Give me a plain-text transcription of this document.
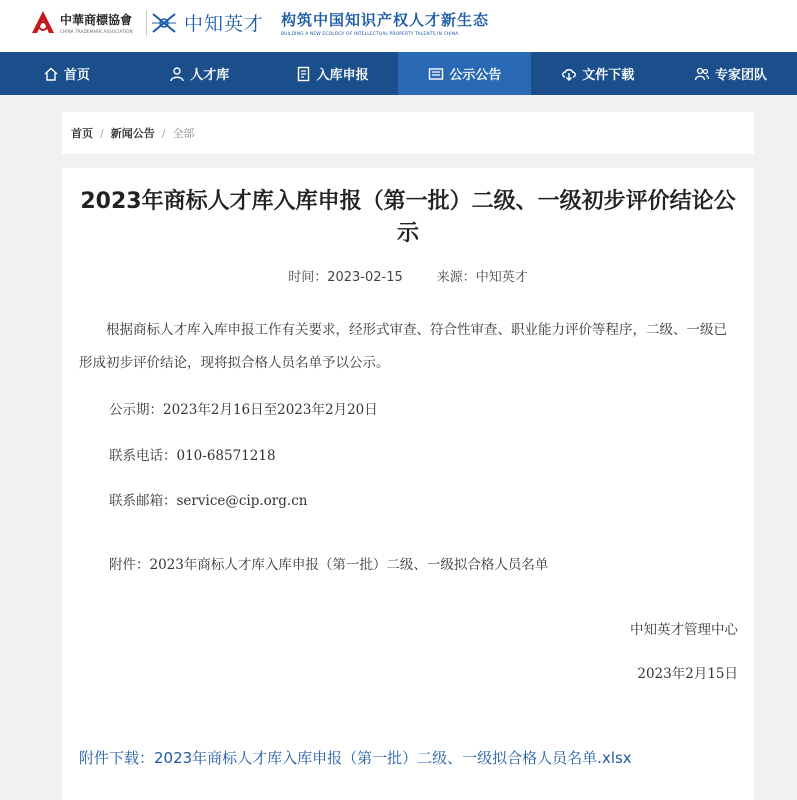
中華商標協會
CHINA TRADEMARK ASSOCIATION	中知英才 构筑中国知识产权人才新生态
BUILDING A NEW ECOLOGY OF INTELLECTUAL PROPERTY TALENTS IN CHINA
首页	人才库	入库申报	公示公告	文件下载	专家团队
首页 / 新闻公告 / 全部
2023年商标人才库入库申报（第一批）二级、一级初步评价结论公示
时间：2023-02-15	来源：中知英才

根据商标人才库入库申报工作有关要求，经形式审查、符合性审查、职业能力评价等程序，二级、一级已形成初步评价结论，现将拟合格人员名单予以公示。

公示期：2023年2月16日至2023年2月20日

联系电话：010-68571218

联系邮箱：service@cip.org.cn

附件：2023年商标人才库入库申报（第一批）二级、一级拟合格人员名单

中知英才管理中心

2023年2月15日

附件下载：2023年商标人才库入库申报（第一批）二级、一级拟合格人员名单.xlsx
